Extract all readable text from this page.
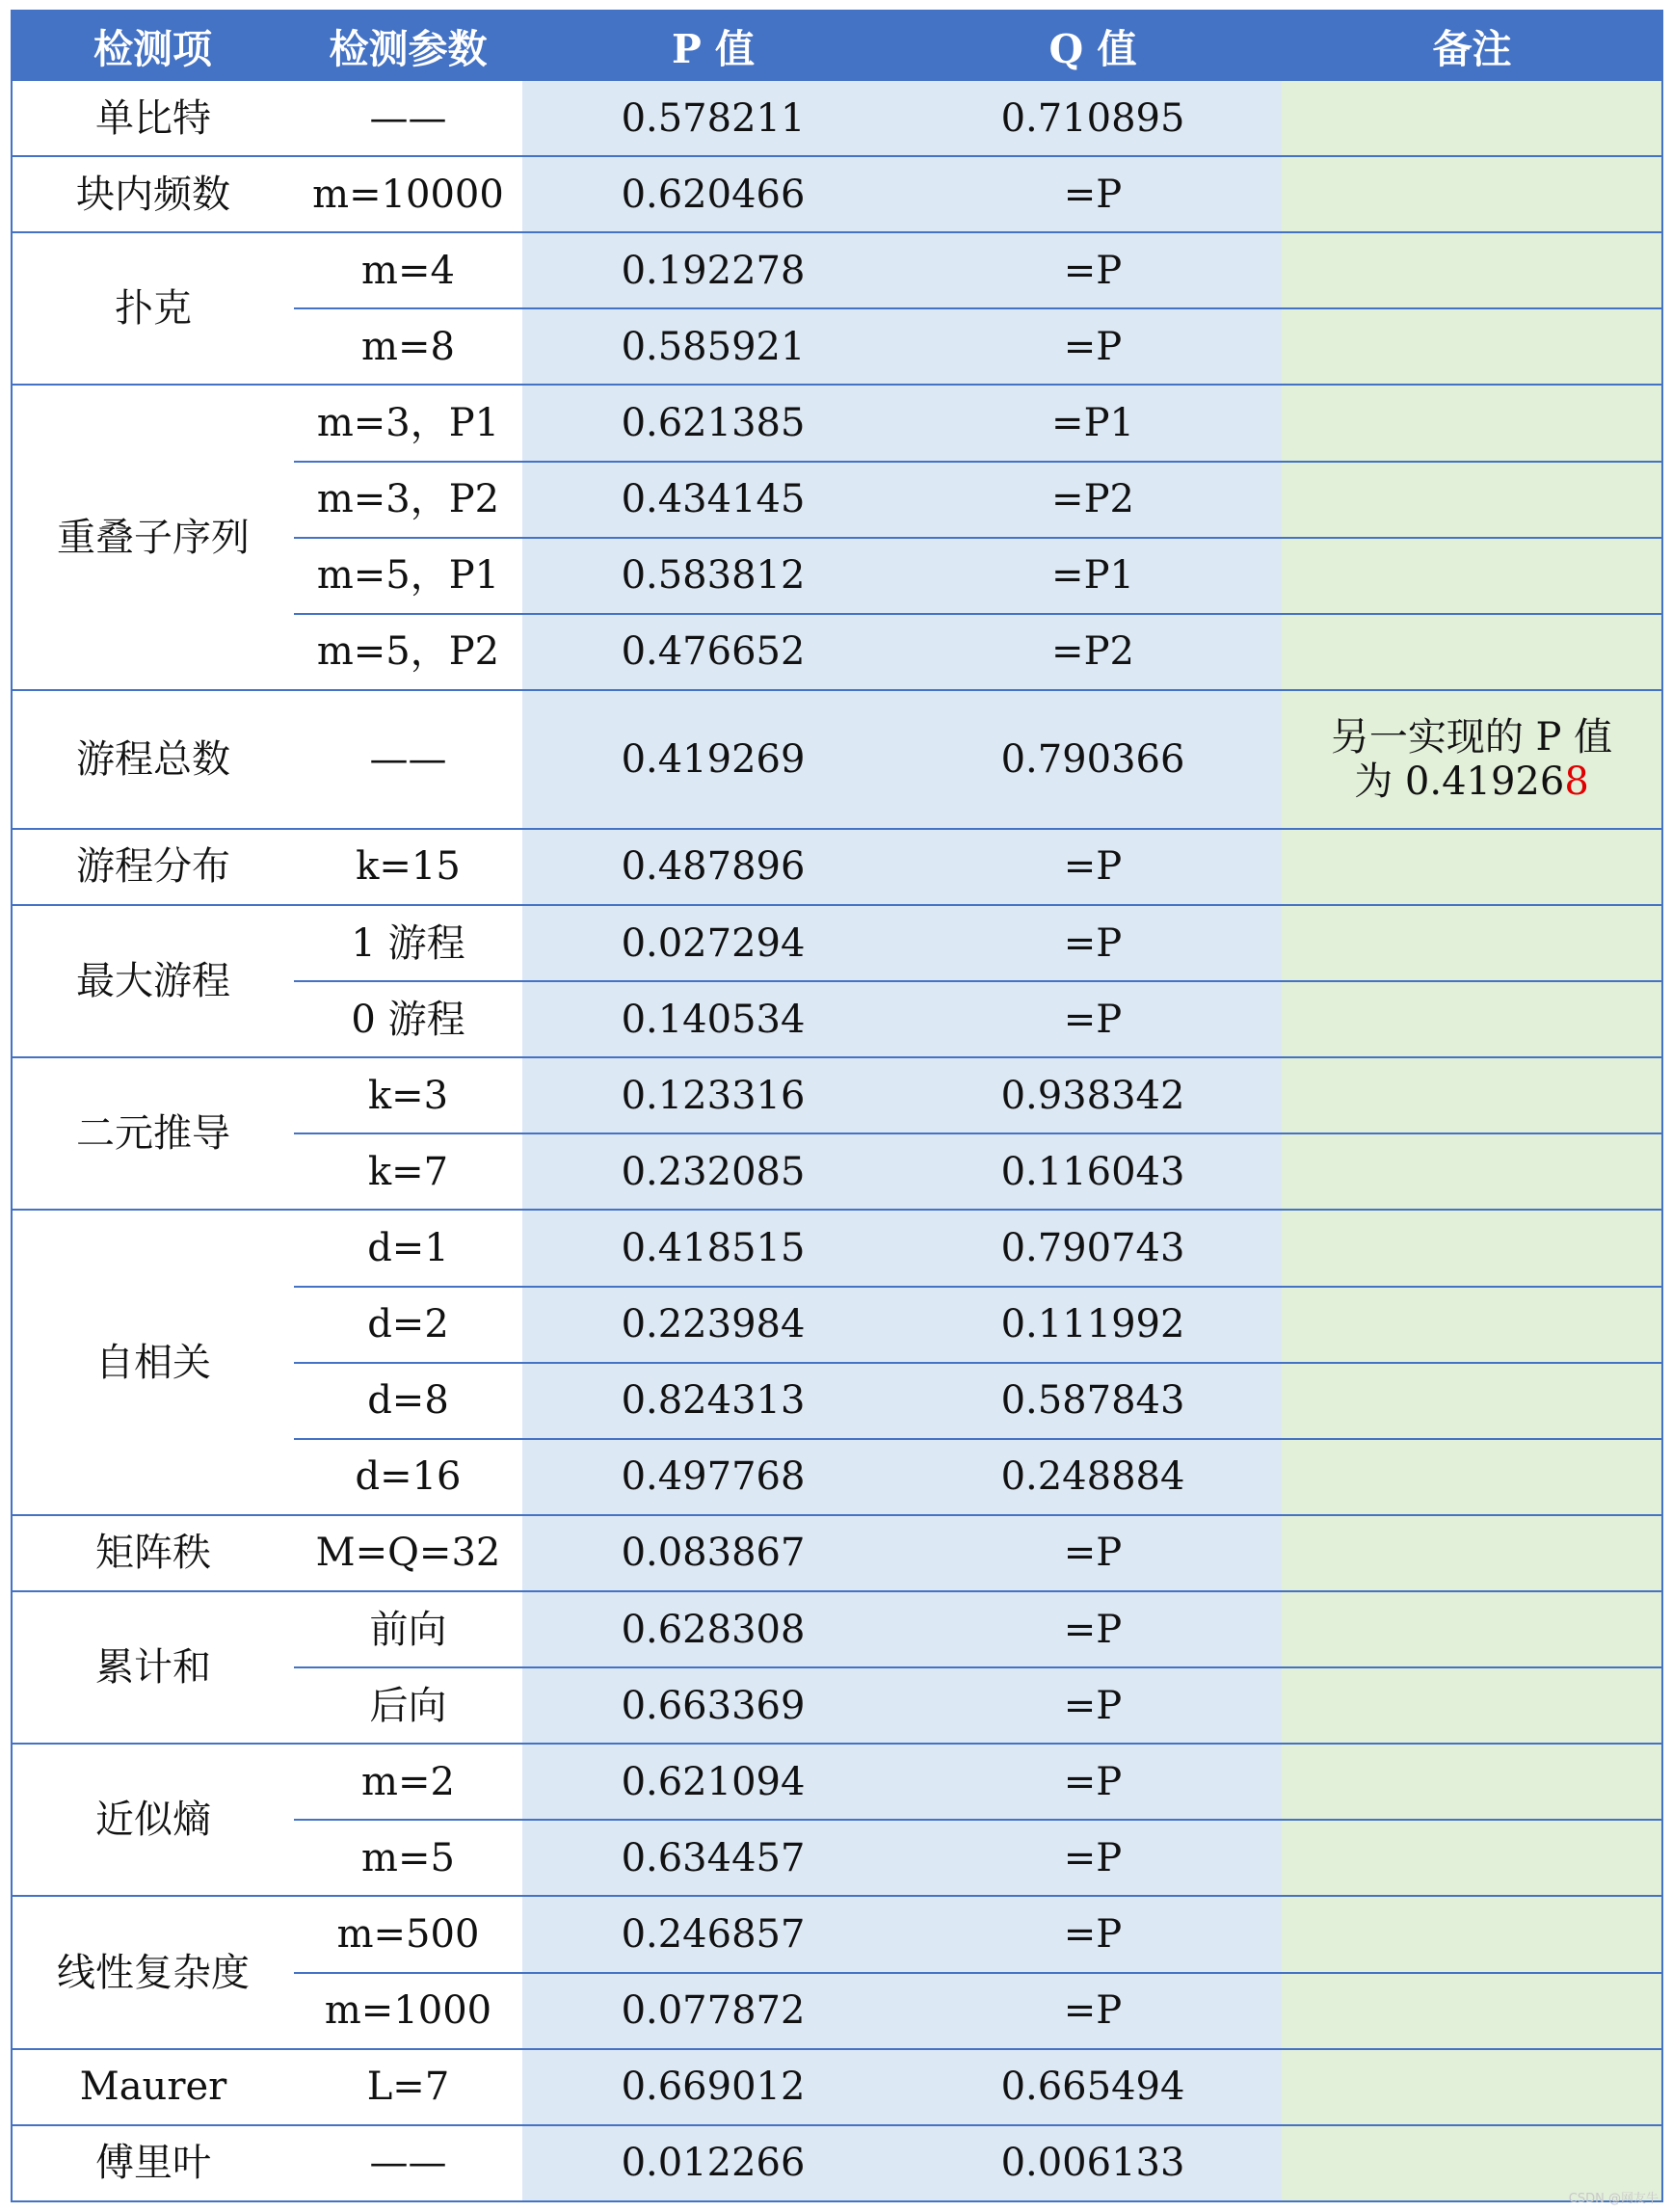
检测项	检测参数	P 值	Q 值	备注
单比特	——	0.578211	0.710895	
块内频数	m=10000	0.620466	=P	
扑克	m=4	0.192278	=P	
	m=8	0.585921	=P	
重叠子序列	m=3，P1	0.621385	=P1	
	m=3，P2	0.434145	=P2	
	m=5，P1	0.583812	=P1	
	m=5，P2	0.476652	=P2	
游程总数	——	0.419269	0.790366	另一实现的 P 值
为 0.419268

游程分布	k=15	0.487896	=P	
最大游程	1 游程	0.027294	=P	
	0 游程	0.140534	=P	
二元推导	k=3	0.123316	0.938342	
	k=7	0.232085	0.116043	
自相关	d=1	0.418515	0.790743	
	d=2	0.223984	0.111992	
	d=8	0.824313	0.587843	
	d=16	0.497768	0.248884	
矩阵秩	M=Q=32	0.083867	=P	
累计和	前向	0.628308	=P	
	后向	0.663369	=P	
近似熵	m=2	0.621094	=P	
	m=5	0.634457	=P	
线性复杂度	m=500	0.246857	=P	
	m=1000	0.077872	=P	
Maurer	L=7	0.669012	0.665494	
傅里叶	——	0.012266	0.006133	
CSDN @网友牛
